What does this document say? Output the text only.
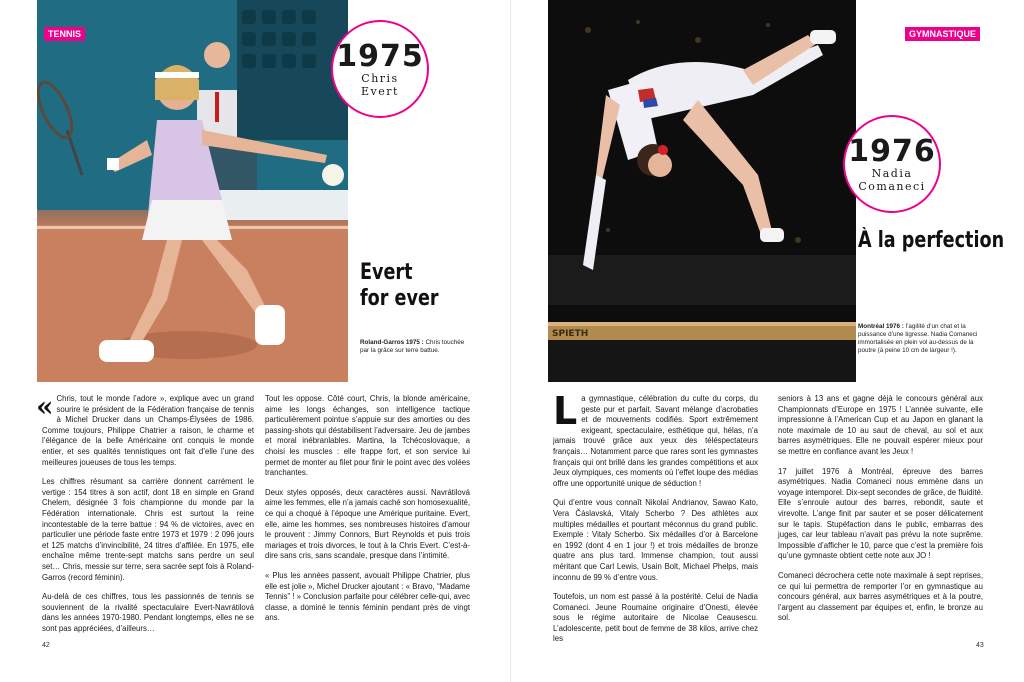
TENNIS
1975
Chris
Evert
Evert
for ever
Roland-Garros 1975 : Chris touchée par la grâce sur terre battue.
« Chris, tout le monde l’adore », explique avec un grand sourire le président de la Fédération française de tennis à Michel Drucker dans un Champs-Élysées de 1986. Comme toujours, Philippe Chatrier a raison, le charme et l’élégance de la belle Américaine ont conquis le monde entier, et ses qualités tennistiques ont fait d’elle l’une des meilleures joueuses de tous les temps.

Les chiffres résumant sa carrière donnent carrément le vertige : 154 titres à son actif, dont 18 en simple en Grand Chelem, désignée 3 fois championne du monde par la Fédération internationale. Chris est surtout la reine incontestable de la terre battue : 94 % de victoires, avec en particulier une période faste entre 1973 et 1979 : 2 096 jours et 125 matchs d’invincibilité, 24 titres d’affilée. En 1975, elle enchaîne même trente-sept matchs sans perdre un seul set… Chris, messie sur terre, sera sacrée sept fois à Roland-Garros (record féminin).

Au-delà de ces chiffres, tous les passionnés de tennis se souviennent de la rivalité spectaculaire Evert-Navrátilová dans les années 1970-1980. Pendant longtemps, elles ne se sont pas appréciées, d’ailleurs…

Tout les oppose. Côté court, Chris, la blonde américaine, aime les longs échanges, son intelligence tactique particulièrement pointue s’appuie sur des amorties ou des passing-shots qui déstabilisent l’adversaire. Jeu de jambes et moral inébranlables. Martina, la Tchécoslovaque, a choisi les muscles : elle frappe fort, et son service lui permet de monter au filet pour finir le point avec des volées tranchantes.

Deux styles opposés, deux caractères aussi. Navrátilová aime les femmes, elle n’a jamais caché son homosexualité, ce qui a choqué à l’époque une Amérique puritaine. Evert, elle, aime les hommes, ses nombreuses histoires d’amour le prouvent : Jimmy Connors, Burt Reynolds et puis trois mariages et trois divorces, le tout à la Chris Evert. C’est-à-dire sans cris, sans scandale, presque dans l’intimité.

« Plus les années passent, avouait Philippe Chatrier, plus elle est jolie », Michel Drucker ajoutant : « Bravo, “Madame Tennis” ! » Conclusion parfaite pour célébrer celle-qui, avec classe, a dominé le tennis féminin pendant près de vingt ans.

42
SPIETH
GYMNASTIQUE
1976
Nadia
Comaneci
À la perfection
Montréal 1976 : l’agilité d’un chat et la puissance d’une tigresse. Nadia Comaneci immortalisée en plein vol au-dessus de la poutre (à peine 10 cm de largeur !).
L a gymnastique, célébration du culte du corps, du geste pur et parfait. Savant mélange d’acrobaties et de mouvements codifiés. Sport extrêmement exigeant, spectaculaire, esthétique qui, hélas, n’a jamais trouvé grâce aux yeux des téléspectateurs français… Notamment parce que rares sont les gymnastes français qui ont brillé dans les grandes compétitions et aux Jeux olympiques, ces moments où l’effet loupe des médias offre une opportunité unique de séduction !

Qui d’entre vous connaît Nikolaï Andrianov, Sawao Kato, Vera Čáslavská, Vitaly Scherbo ? Des athlètes aux multiples médailles et pourtant méconnus du grand public. Exemple : Vitaly Scherbo. Six médailles d’or à Barcelone en 1992 (dont 4 en 1 jour !) et trois médailles de bronze quatre ans plus tard. Immense champion, tout aussi méritant que Carl Lewis, Usain Bolt, Michael Phelps, mais inconnu de 99 % d’entre vous.

Toutefois, un nom est passé à la postérité. Celui de Nadia Comaneci. Jeune Roumaine originaire d’Onesti, élevée sous le régime autoritaire de Nicolae Ceausescu. L’adolescente, petit bout de femme de 38 kilos, arrive chez les

seniors à 13 ans et gagne déjà le concours général aux Championnats d’Europe en 1975 ! L’année suivante, elle impressionne à l’American Cup et au Japon en glanant la note maximale de 10 au saut de cheval, au sol et aux barres asymétriques. Elle ne pouvait espérer mieux pour se mettre en confiance avant les Jeux !

17 juillet 1976 à Montréal, épreuve des barres asymétriques. Nadia Comaneci nous emmène dans un voyage intemporel. Dix-sept secondes de grâce, de fluidité. Elle s’enroule autour des barres, rebondit, saute et virevolte. L’ange finit par sauter et se poser délicatement sur le tapis. Stupéfaction dans le public, embarras des juges, car leur tableau n’avait pas prévu la note suprême. Impossible d’afficher le 10, parce que c’est la première fois qu’une gymnaste obtient cette note aux JO !

Comaneci décrochera cette note maximale à sept reprises, ce qui lui permettra de remporter l’or en gymnastique au concours général, aux barres asymétriques et à la poutre, l’argent au classement par équipes et, enfin, le bronze au sol.

43
